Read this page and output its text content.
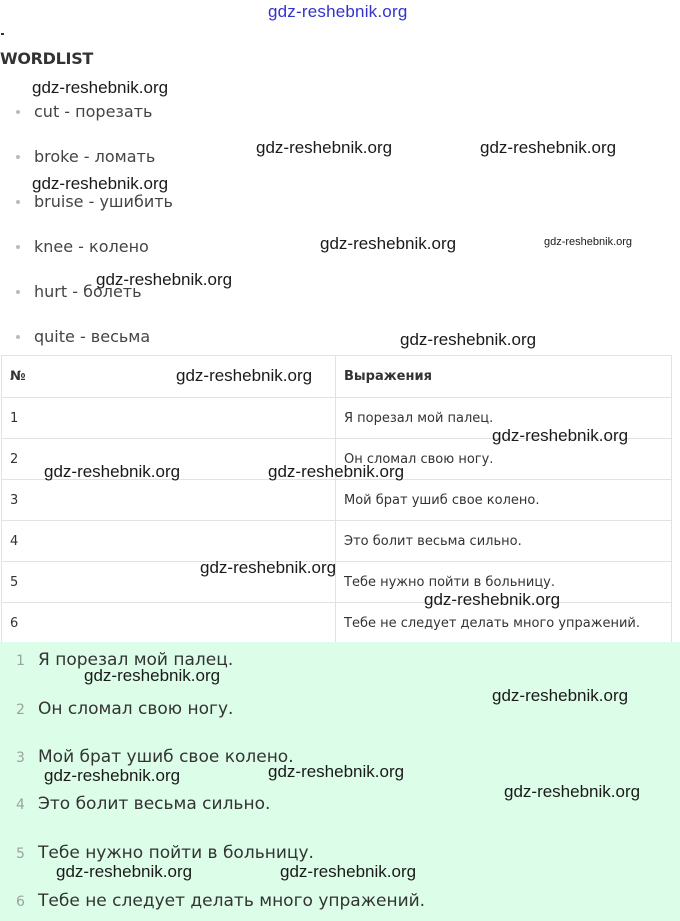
gdz-reshebnik.org
WORDLIST
cut - порезать
broke - ломать
bruise - ушибить
knee - колено
hurt - болеть
quite - весьма
№	Выражения
1	Я порезал мой палец.
2	Он сломал свою ногу.
3	Мой брат ушиб свое колено.
4	Это болит весьма сильно.
5	Тебе нужно пойти в больницу.
6	Тебе не следует делать много упражений.
1 Я порезал мой палец.
2 Он сломал свою ногу.
3 Мой брат ушиб свое колено.
4 Это болит весьма сильно.
5 Тебе нужно пойти в больницу.
6 Тебе не следует делать много упражений.
gdz-reshebnik.org
gdz-reshebnik.org	gdz-reshebnik.org
gdz-reshebnik.org
gdz-reshebnik.org	gdz-reshebnik.org
gdz-reshebnik.org
gdz-reshebnik.org
gdz-reshebnik.org
gdz-reshebnik.org
gdz-reshebnik.org	gdz-reshebnik.org
gdz-reshebnik.org
gdz-reshebnik.org
gdz-reshebnik.org
gdz-reshebnik.org
gdz-reshebnik.org	gdz-reshebnik.org
gdz-reshebnik.org
gdz-reshebnik.org	gdz-reshebnik.org
